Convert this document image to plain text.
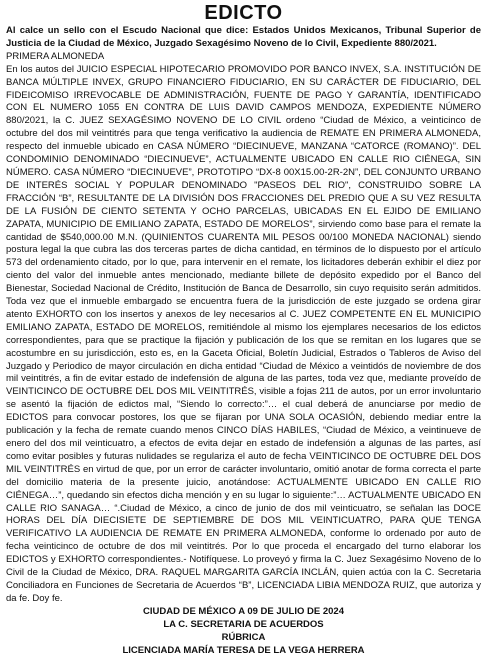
EDICTO

Al calce un sello con el Escudo Nacional que dice: Estados Unidos Mexicanos, Tribunal Superior de Justicia de la Ciudad de México, Juzgado Sexagésimo Noveno de lo Civil, Expediente 880/2021.

PRIMERA ALMONEDA

En los autos del JUICIO ESPECIAL HIPOTECARIO PROMOVIDO POR BANCO INVEX, S.A. INSTITUCIÓN DE BANCA MÚLTIPLE INVEX, GRUPO FINANCIERO FIDUCIARIO, EN SU CARÁCTER DE FIDUCIARIO, DEL FIDEICOMISO IRREVOCABLE DE ADMINISTRACIÓN, FUENTE DE PAGO Y GARANTÍA, IDENTIFICADO CON EL NUMERO 1055 EN CONTRA DE LUIS DAVID CAMPOS MENDOZA, EXPEDIENTE NÚMERO 880/2021, la C. JUEZ SEXAGÉSIMO NOVENO DE LO CIVIL ordeno “Ciudad de México, a veinticinco de octubre del dos mil veintitrés para que tenga verificativo la audiencia de REMATE EN PRIMERA ALMONEDA, respecto del inmueble ubicado en CASA NÚMERO “DIECINUEVE, MANZANA “CATORCE (ROMANO)”. DEL CONDOMINIO DENOMINADO “DIECINUEVE”, ACTUALMENTE UBICADO EN CALLE RIO CIÉNEGA, SIN NÚMERO. CASA NÚMERO “DIECINUEVE”, PROTOTIPO “DX-8 00X15.00-2R-2N”, DEL CONJUNTO URBANO DE INTERÉS SOCIAL Y POPULAR DENOMINADO "PASEOS DEL RIO", CONSTRUIDO SOBRE LA FRACCIÓN “B”, RESULTANTE DE LA DIVISIÓN DOS FRACCIONES DEL PREDIO QUE A SU VEZ RESULTA DE LA FUSIÓN DE CIENTO SETENTA Y OCHO PARCELAS, UBICADAS EN EL EJIDO DE EMILIANO ZAPATA, MUNICIPIO DE EMILIANO ZAPATA, ESTADO DE MORELOS”, sirviendo como base para el remate la cantidad de $540,000.00 M.N. (QUINIENTOS CUARENTA MIL PESOS 00/100 MONEDA NACIONAL) siendo postura legal la que cubra las dos terceras partes de dicha cantidad, en términos de lo dispuesto por el artículo 573 del ordenamiento citado, por lo que, para intervenir en el remate, los licitadores deberán exhibir el diez por ciento del valor del inmueble antes mencionado, mediante billete de depósito expedido por el Banco del Bienestar, Sociedad Nacional de Crédito, Institución de Banca de Desarrollo, sin cuyo requisito serán admitidos. Toda vez que el inmueble embargado se encuentra fuera de la jurisdicción de este juzgado se ordena girar atento EXHORTO con los insertos y anexos de ley necesarios al C. JUEZ COMPETENTE EN EL MUNICIPIO EMILIANO ZAPATA, ESTADO DE MORELOS, remitiéndole al mismo los ejemplares necesarios de los edictos correspondientes, para que se practique la fijación y publicación de los que se remitan en los lugares que se acostumbre en su jurisdicción, esto es, en la Gaceta Oficial, Boletín Judicial, Estrados o Tableros de Aviso del Juzgado y Periodico de mayor circulación en dicha entidad “Ciudad de México a veintidós de noviembre de dos mil veintitrés, a fin de evitar estado de indefensión de alguna de las partes, toda vez que, mediante proveído de VEINTICINCO DE OCTUBRE DEL DOS MIL VEINTITRÉS, visible a fojas 211 de autos, por un error involuntario se asentó la fijación de edictos mal, “Siendo lo correcto:”… el cual deberá de anunciarse por medio de EDICTOS para convocar postores, los que se fijaran por UNA SOLA OCASIÓN, debiendo mediar entre la publicación y la fecha de remate cuando menos CINCO DÍAS HABILES, “Ciudad de México, a veintinueve de enero del dos mil veinticuatro, a efectos de evita dejar en estado de indefensión a algunas de las partes, así como evitar posibles y futuras nulidades se regulariza el auto de fecha VEINTICINCO DE OCTUBRE DEL DOS MIL VEINTITRÉS en virtud de que, por un error de carácter involuntario, omitió anotar de forma correcta el parte del domicilio materia de la presente juicio, anotándose: ACTUALMENTE UBICADO EN CALLE RIO CIÉNEGA…”, quedando sin efectos dicha mención y en su lugar lo siguiente:”… ACTUALMENTE UBICADO EN CALLE RIO SANAGA… “.Ciudad de México, a cinco de junio de dos mil veinticuatro, se señalan las DOCE HORAS DEL DÍA DIECISIETE DE SEPTIEMBRE DE DOS MIL VEINTICUATRO, PARA QUE TENGA VERIFICATIVO LA AUDIENCIA DE REMATE EN PRIMERA ALMONEDA, conforme lo ordenado por auto de fecha veinticinco de octubre de dos mil veintitrés. Por lo que proceda el encargado del turno elaborar los EDICTOS y EXHORTO correspondientes.- Notifíquese. Lo proveyó y firma la C. Juez Sexagésimo Noveno de lo Civil de la Ciudad de México, DRA. RAQUEL MARGARITA GARCÍA INCLÁN, quien actúa con la C. Secretaria Conciliadora en Funciones de Secretaria de Acuerdos “B”, LICENCIADA LIBIA MENDOZA RUIZ, que autoriza y da fe. Doy fe.

CIUDAD DE MÉXICO A 09 DE JULIO DE 2024

LA C. SECRETARIA DE ACUERDOS

RÚBRICA

LICENCIADA MARÍA TERESA DE LA VEGA HERRERA
